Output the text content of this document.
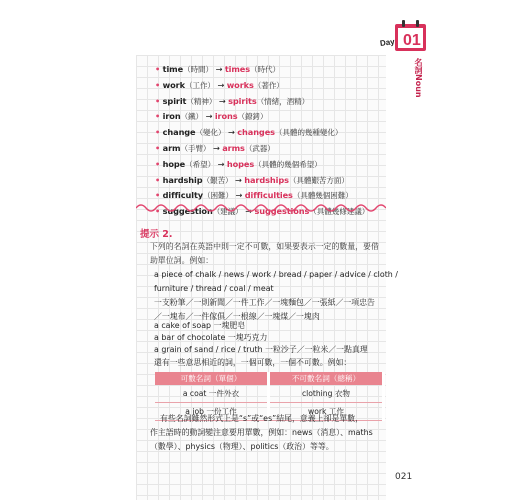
01
Day
名詞Noun
• time（時間） → times（時代）
• work（工作） → works（著作）
• spirit（精神） → spirits（情緒，酒精）
• iron（鐵） → irons（鐐銬）
• change（變化） → changes（具體的幾種變化）
• arm（手臂） → arms（武器）
• hope（希望） → hopes（具體的幾個希望）
• hardship（艱苦） → hardships（具體艱苦方面）
• difficulty（困難） → difficulties（具體幾個困難）
• suggestion（建議） → suggestions（具體幾條建議）
提示 2.
下列的名詞在英語中則一定不可數，如果要表示一定的數量，要借助單位詞。例如：
a piece of chalk / news / work / bread / paper / advice / cloth /
furniture / thread / coal / meat
一支粉筆／一則新聞／一件工作／一塊麵包／一張紙／一項忠告
／一塊布／一件傢俱／一根線／一塊煤／一塊肉
a cake of soap 一塊肥皂
a bar of chocolate 一塊巧克力
a grain of sand / rice / truth 一粒沙子／一粒米／一點真理
還有一些意思相近的詞，一個可數，一個不可數。例如：
可數名詞（單個）	不可數名詞（總稱）
a coat 一件外衣	clothing 衣物
a job 一份工作	work 工作
有些名詞雖然形式上是“s”或“es”結尾，意義上卻是單數，
作主語時的動詞變注意要用單數，例如：news（消息）、maths
（數學）、physics（物理）、politics（政治）等等。
021
